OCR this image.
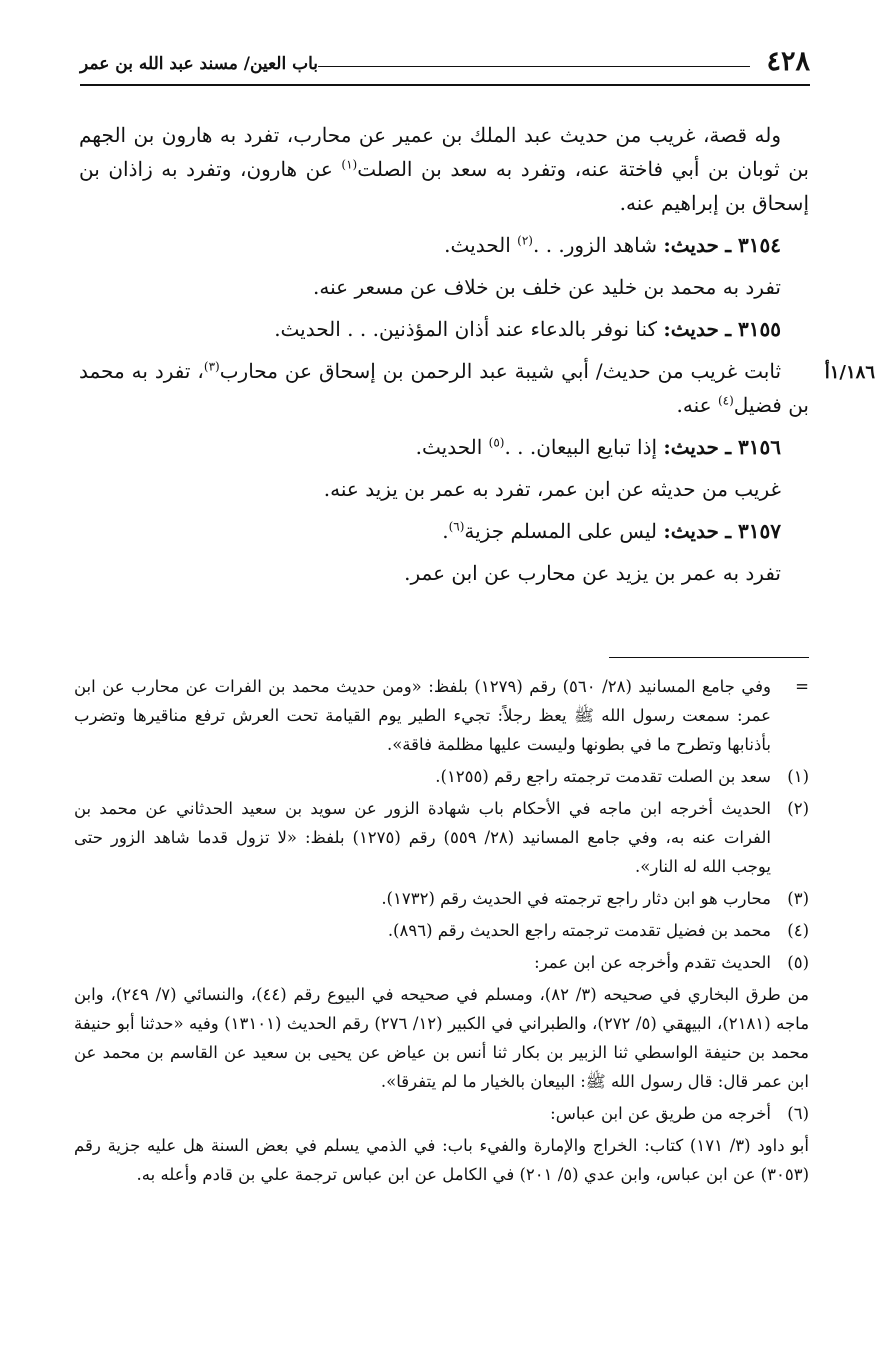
٤٢٨
باب العين/ مسند عبد الله بن عمر
١/١٨٦أ

وله قصة، غريب من حديث عبد الملك بن عمير عن محارب، تفرد به هارون بن الجهم بن ثوبان بن أبي فاختة عنه، وتفرد به سعد بن الصلت$^{(١)}$ عن هارون، وتفرد به زاذان بن إسحاق بن إبراهيم عنه.

٣١٥٤ ـ حديث: شاهد الزور. . .$^{(٢)}$ الحديث.

تفرد به محمد بن خليد عن خلف بن خلاف عن مسعر عنه.

٣١٥٥ ـ حديث: كنا نوفر بالدعاء عند أذان المؤذنين. . . الحديث.

ثابت غريب من حديث/ أبي شيبة عبد الرحمن بن إسحاق عن محارب$^{(٣)}$، تفرد به محمد بن فضيل$^{(٤)}$ عنه.

٣١٥٦ ـ حديث: إذا تبايع البيعان. . .$^{(٥)}$ الحديث.

غريب من حديثه عن ابن عمر، تفرد به عمر بن يزيد عنه.

٣١٥٧ ـ حديث: ليس على المسلم جزية$^{(٦)}$.

تفرد به عمر بن يزيد عن محارب عن ابن عمر.

=
وفي جامع المسانيد (٢٨/ ٥٦٠) رقم (١٢٧٩) بلفظ: «ومن حديث محمد بن الفرات عن محارب عن ابن عمر: سمعت رسول الله ﷺ يعظ رجلاً: تجيء الطير يوم القيامة تحت العرش ترفع مناقيرها وتضرب بأذنابها وتطرح ما في بطونها وليست عليها مظلمة فاقة».
(١)
سعد بن الصلت تقدمت ترجمته راجع رقم (١٢٥٥).
(٢)
الحديث أخرجه ابن ماجه في الأحكام باب شهادة الزور عن سويد بن سعيد الحدثاني عن محمد بن الفرات عنه به، وفي جامع المسانيد (٢٨/ ٥٥٩) رقم (١٢٧٥) بلفظ: «لا تزول قدما شاهد الزور حتى يوجب الله له النار».
(٣)
محارب هو ابن دثار راجع ترجمته في الحديث رقم (١٧٣٢).
(٤)
محمد بن فضيل تقدمت ترجمته راجع الحديث رقم (٨٩٦).
(٥)
الحديث تقدم وأخرجه عن ابن عمر:
من طرق البخاري في صحيحه (٣/ ٨٢)، ومسلم في صحيحه في البيوع رقم (٤٤)، والنسائي (٧/ ٢٤٩)، وابن ماجه (٢١٨١)، البيهقي (٥/ ٢٧٢)، والطبراني في الكبير (١٢/ ٢٧٦) رقم الحديث (١٣١٠١) وفيه «حدثنا أبو حنيفة محمد بن حنيفة الواسطي ثنا الزبير بن بكار ثنا أنس بن عياض عن يحيى بن سعيد عن القاسم بن محمد عن ابن عمر قال: قال رسول الله ﷺ: البيعان بالخيار ما لم يتفرقا».
(٦)
أخرجه من طريق عن ابن عباس:
أبو داود (٣/ ١٧١) كتاب: الخراج والإمارة والفيء باب: في الذمي يسلم في بعض السنة هل عليه جزية رقم (٣٠٥٣) عن ابن عباس، وابن عدي (٥/ ٢٠١) في الكامل عن ابن عباس ترجمة علي بن قادم وأعله به.
